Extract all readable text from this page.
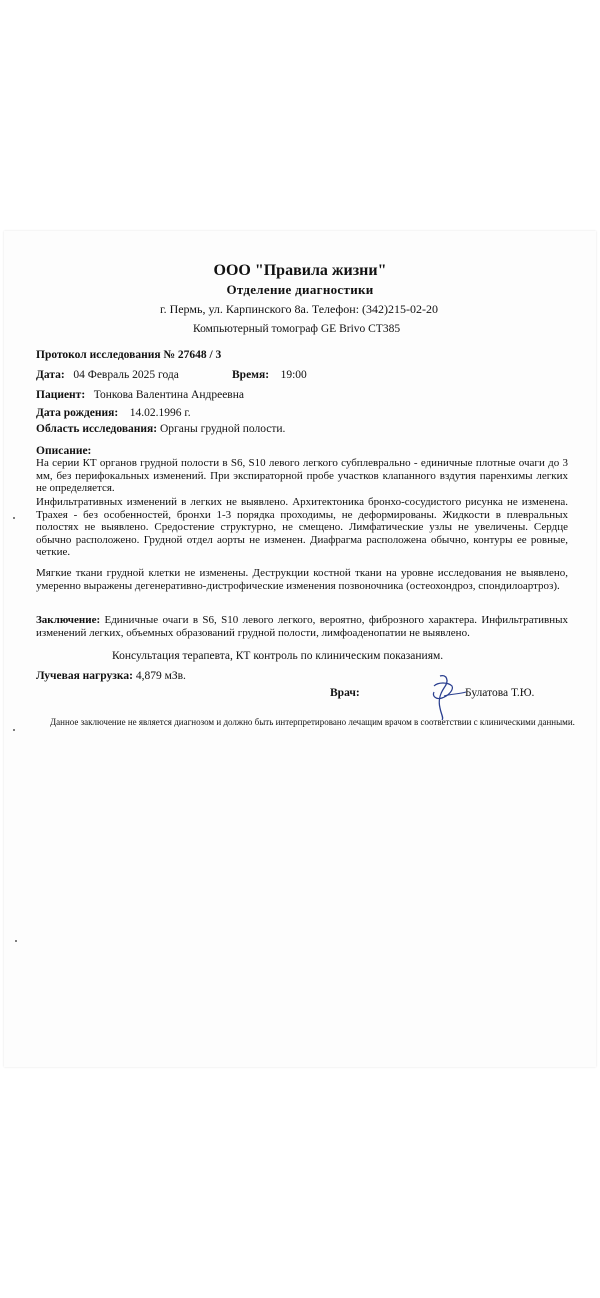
ООО "Правила жизни"
Отделение диагностики
г. Пермь, ул. Карпинского 8а. Телефон: (342)215-02-20
Компьютерный томограф GE Brivo CT385
Протокол исследования № 27648 / 3
Дата: 04 Февраль 2025 года	Время: 19:00
Пациент: Тонкова Валентина Андреевна
Дата рождения: 14.02.1996 г.
Область исследования: Органы грудной полости.
Описание:
На серии КТ органов грудной полости в S6, S10 левого легкого субплеврально - единичные плотные очаги до 3 мм, без перифокальных изменений. При экспираторной пробе участков клапанного вздутия паренхимы легких не определяется.
Инфильтративных изменений в легких не выявлено. Архитектоника бронхо-сосудистого рисунка не изменена. Трахея - без особенностей, бронхи 1-3 порядка проходимы, не деформированы. Жидкости в плевральных полостях не выявлено. Средостение структурно, не смещено. Лимфатические узлы не увеличены. Сердце обычно расположено. Грудной отдел аорты не изменен. Диафрагма расположена обычно, контуры ее ровные, четкие.
Мягкие ткани грудной клетки не изменены. Деструкции костной ткани на уровне исследования не выявлено, умеренно выражены дегенеративно-дистрофические изменения позвоночника (остеохондроз, спондилоартроз).
Заключение: Единичные очаги в S6, S10 левого легкого, вероятно, фиброзного характера. Инфильтративных изменений легких, объемных образований грудной полости, лимфоаденопатии не выявлено.
Консультация терапевта, КТ контроль по клиническим показаниям.
Лучевая нагрузка: 4,879 мЗв.
Врач:	Булатова Т.Ю.
Данное заключение не является диагнозом и должно быть интерпретировано лечащим врачом в соответствии с клиническими данными.
